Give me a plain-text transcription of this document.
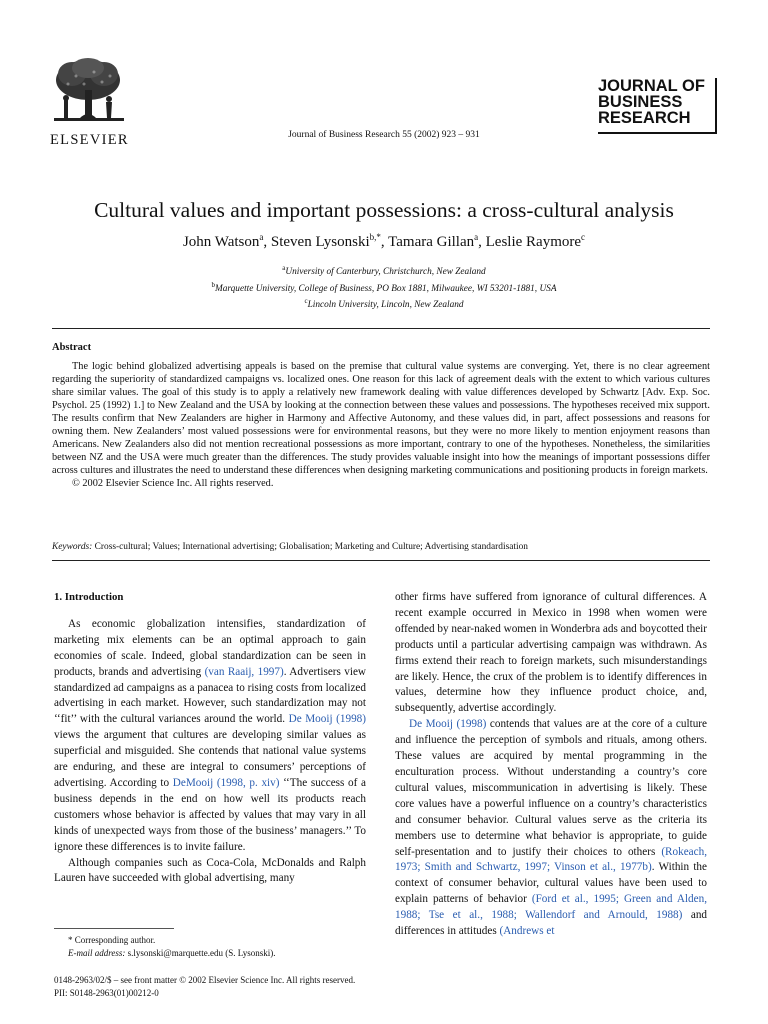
ELSEVIER	Journal of Business Research 55 (2002) 923 – 931
JOURNAL OF
BUSINESS
RESEARCH
Cultural values and important possessions: a cross-cultural analysis
John Watson$^a$, Steven Lysonski$^{b,*}$, Tamara Gillan$^a$, Leslie Raymore$^c$
$^a$University of Canterbury, Christchurch, New Zealand
$^b$Marquette University, College of Business, PO Box 1881, Milwaukee, WI 53201-1881, USA
$^c$Lincoln University, Lincoln, New Zealand
Abstract

The logic behind globalized advertising appeals is based on the premise that cultural value systems are converging. Yet, there is no clear agreement regarding the superiority of standardized campaigns vs. localized ones. One reason for this lack of agreement deals with the extent to which various cultures share similar values. The goal of this study is to apply a relatively new framework dealing with value differences developed by Schwartz [Adv. Exp. Soc. Psychol. 25 (1992) 1.] to New Zealand and the USA by looking at the connection between these values and possessions. The hypotheses received mix support. The results confirm that New Zealanders are higher in Harmony and Affective Autonomy, and these values did, in part, affect possessions and reasons for owning them. New Zealanders’ most valued possessions were for environmental reasons, but they were no more likely to mention enjoyment reasons than Americans. New Zealanders also did not mention recreational possessions as more important, contrary to one of the hypotheses. Nonetheless, the similarities between NZ and the USA were much greater than the differences. The study provides valuable insight into how the meanings of important possessions differ across cultures and illustrates the need to understand these differences when designing marketing communications and positioning products in foreign markets.

© 2002 Elsevier Science Inc. All rights reserved.

Keywords: Cross-cultural; Values; International advertising; Globalisation; Marketing and Culture; Advertising standardisation

1. Introduction

As economic globalization intensifies, standardization of marketing mix elements can be an optimal approach to gain economies of scale. Indeed, global standardization can be seen in products, brands and advertising (van Raaij, 1997). Advertisers view standardized ad campaigns as a panacea to rising costs from localized advertising in each market. However, such standardization may not ‘‘fit’’ with the cultural variances around the world. De Mooij (1998) views the argument that cultures are developing similar values as superficial and misguided. She contends that national value systems are enduring, and these are integral to consumers’ perceptions of advertising. According to DeMooij (1998, p. xiv) ‘‘The success of a business depends in the end on how well its products reach customers whose behavior is affected by values that may vary in all kinds of unexpected ways from those of the business’ managers.’’ To ignore these differences is to invite failure.

Although companies such as Coca-Cola, McDonalds and Ralph Lauren have succeeded with global advertising, many

other firms have suffered from ignorance of cultural differences. A recent example occurred in Mexico in 1998 when women were offended by near-naked women in Wonderbra ads and boycotted their products until a particular advertising campaign was withdrawn. As firms extend their reach to foreign markets, such misunderstandings are likely. Hence, the crux of the problem is to identify differences in values, determine how they influence product choice, and, subsequently, advertise accordingly.

De Mooij (1998) contends that values are at the core of a culture and influence the perception of symbols and rituals, among others. These values are acquired by mental programming in the enculturation process. Without understanding a country’s core cultural values, miscommunication in advertising is likely. These core values have a powerful influence on a country’s characteristics and consumer behavior. Cultural values serve as the criteria its members use to determine what behavior is appropriate, to guide self-presentation and to justify their choices to others (Rokeach, 1973; Smith and Schwartz, 1997; Vinson et al., 1977b). Within the context of consumer behavior, cultural values have been used to explain patterns of behavior (Ford et al., 1995; Green and Alden, 1988; Tse et al., 1988; Wallendorf and Arnould, 1988) and differences in attitudes (Andrews et

* Corresponding author.

E-mail address: s.lysonski@marquette.edu (S. Lysonski).

0148-2963/02/$ – see front matter © 2002 Elsevier Science Inc. All rights reserved.
PII: S0148-2963(01)00212-0
